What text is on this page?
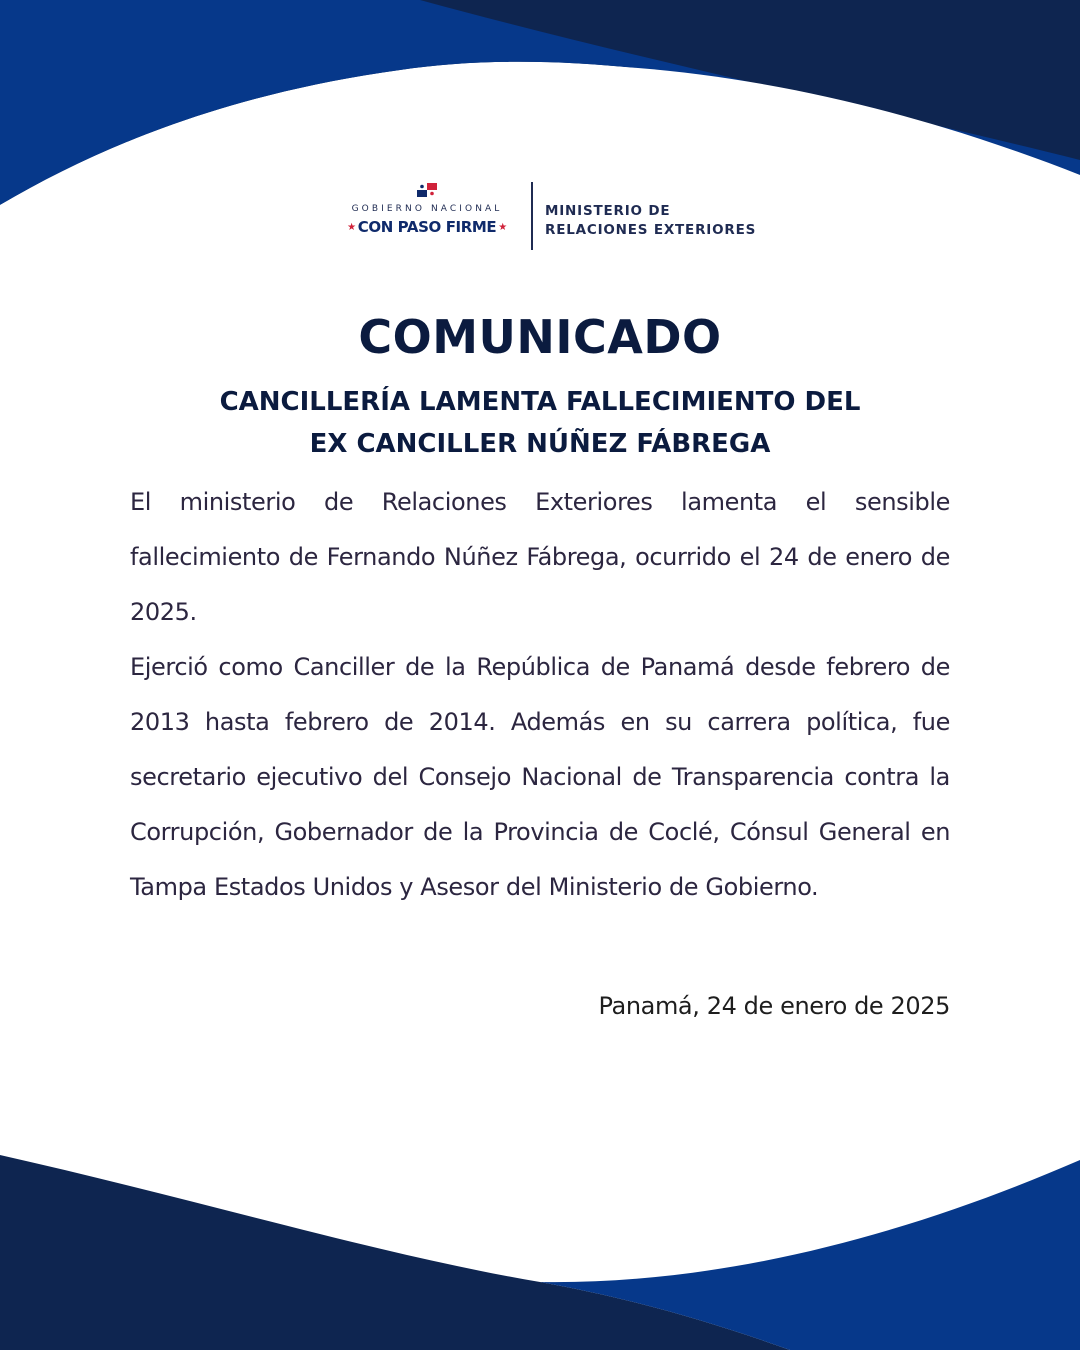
GOBIERNO NACIONAL
★ CON PASO FIRME ★
MINISTERIO DE
RELACIONES EXTERIORES
COMUNICADO
CANCILLERÍA LAMENTA FALLECIMIENTO DEL
EX CANCILLER NÚÑEZ FÁBREGA

El ministerio de Relaciones Exteriores lamenta el sensible fallecimiento de Fernando Núñez Fábrega, ocurrido el 24 de enero de 2025.

Ejerció como Canciller de la República de Panamá desde febrero de 2013 hasta febrero de 2014. Además en su carrera política, fue secretario ejecutivo del Consejo Nacional de Transparencia contra la Corrupción, Gobernador de la Provincia de Coclé, Cónsul General en Tampa Estados Unidos y Asesor del Ministerio de Gobierno.

Panamá, 24 de enero de 2025
